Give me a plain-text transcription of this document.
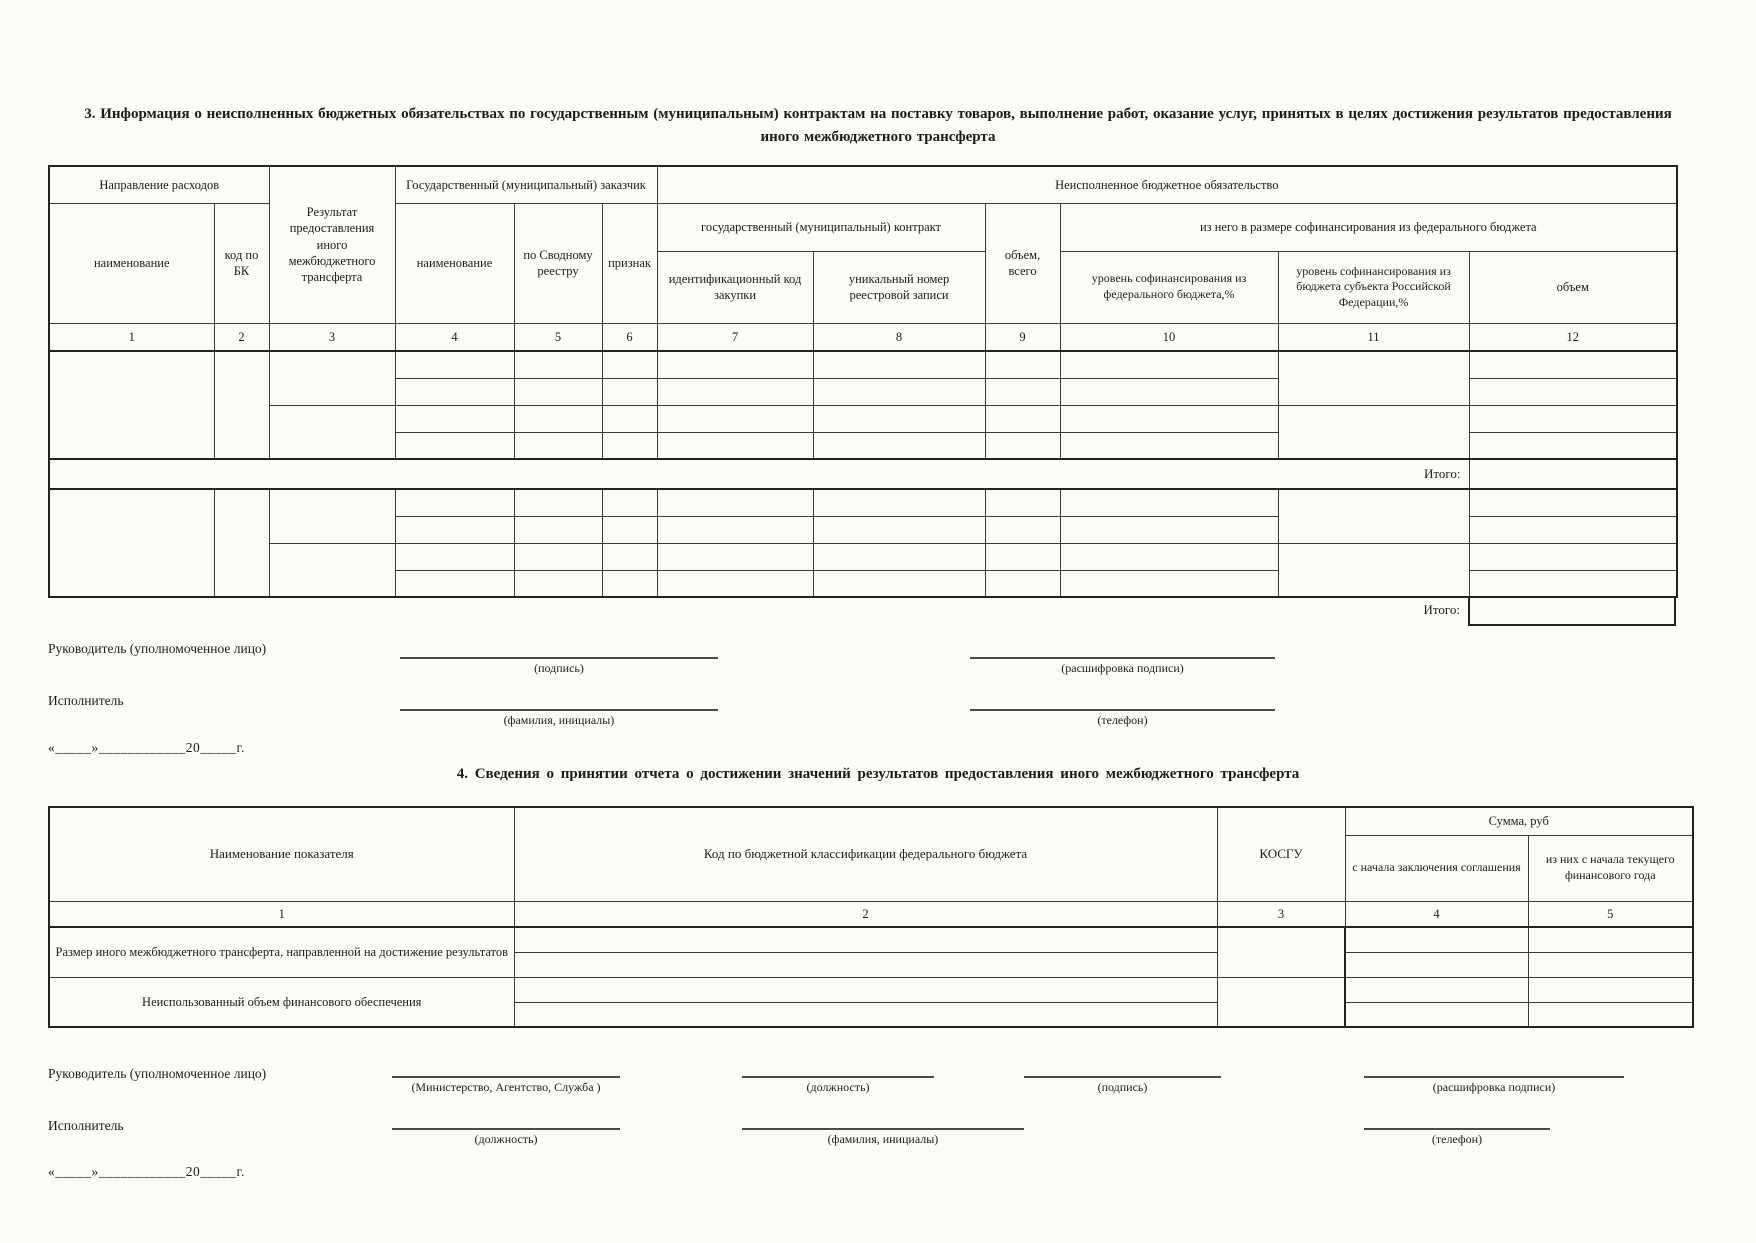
3. Информация о неисполненных бюджетных обязательствах по государственным (муниципальным) контрактам на поставку товаров, выполнение работ, оказание услуг, принятых в целях достижения результатов предоставления иного межбюджетного трансферта
Направление расходов		Результат предоставления иного межбюджетного трансферта	Государственный (муниципальный) заказчик			Неисполненное бюджетное обязательство					
наименование	код по БК		наименование	по Сводному реестру	признак	государственный (муниципальный) контракт		объем, всего	из него в размере софинансирования из федерального бюджета		
						идентификационный код закупки	уникальный номер реестровой записи		уровень софинансирования из федерального бюджета,%	уровень софинансирования из бюджета субъекта Российской Федерации,%	объем
1	2	3	4	5	6	7	8	9	10	11	12

Итого:											

Итого:
Руководитель (уполномоченное лицо)
(подпись)	(расшифровка подписи)
Исполнитель
(фамилия, инициалы)	(телефон)
«_____»____________20_____г.
4. Сведения о принятии отчета о достижении значений результатов предоставления иного межбюджетного трансферта
Наименование показателя	Код по бюджетной классификации федерального бюджета	КОСГУ	Сумма, руб	
			с начала заключения соглашения	из них с начала текущего финансового года
1	2	3	4	5
Размер иного межбюджетного трансферта, направленной на достижение результатов				

Неиспользованный объем финансового обеспечения				

Руководитель (уполномоченное лицо)
(Министерство, Агентство, Служба )	(должность)	(подпись)	(расшифровка подписи)
Исполнитель
(должность)	(фамилия, инициалы)	(телефон)
«_____»____________20_____г.
